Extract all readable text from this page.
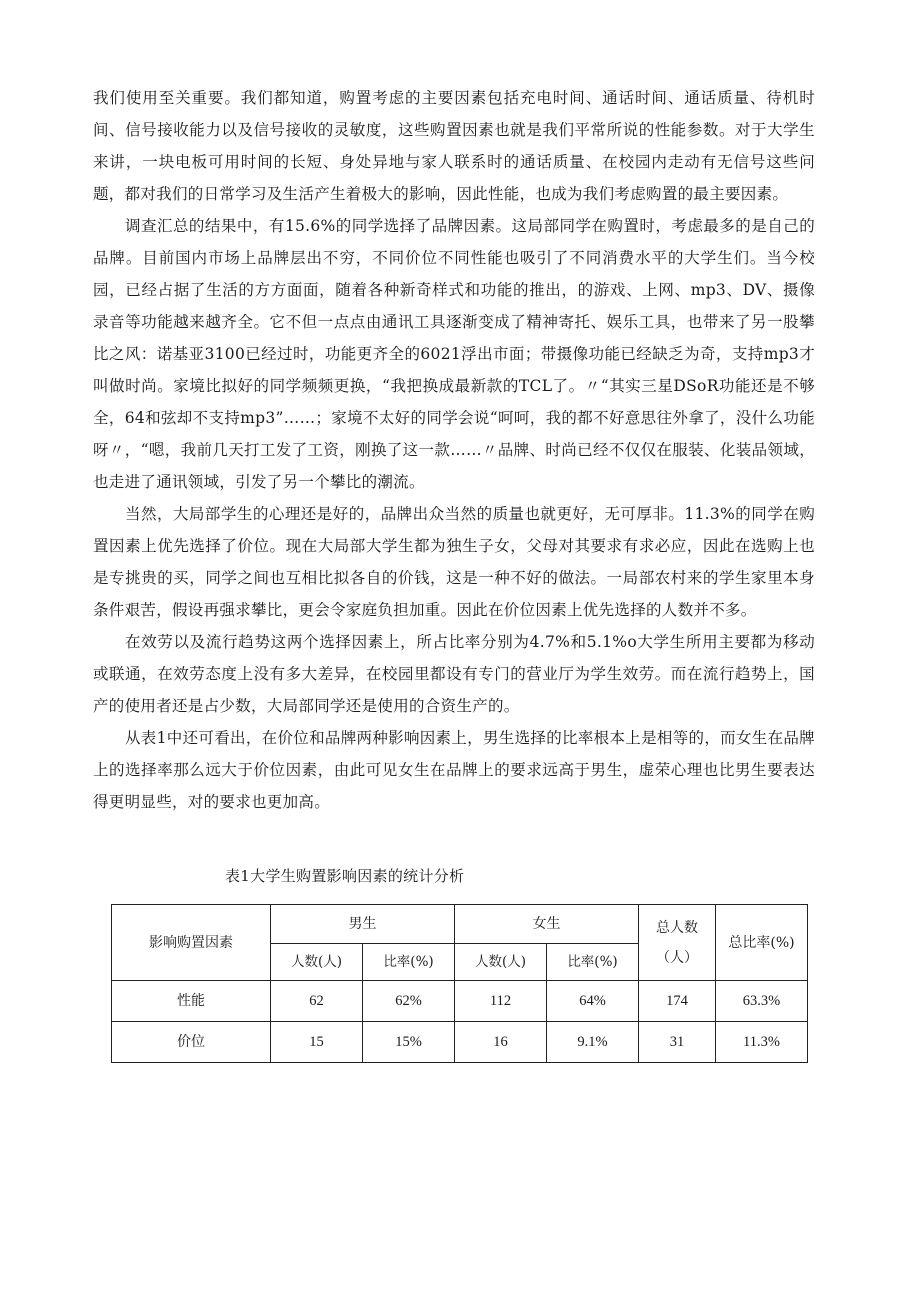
我们使用至关重要。我们都知道，购置考虑的主要因素包括充电时间、通话时间、通话质量、待机时间、信号接收能力以及信号接收的灵敏度，这些购置因素也就是我们平常所说的性能参数。对于大学生来讲，一块电板可用时间的长短、身处异地与家人联系时的通话质量、在校园内走动有无信号这些问题，都对我们的日常学习及生活产生着极大的影响，因此性能，也成为我们考虑购置的最主要因素。

调查汇总的结果中，有15.6%的同学选择了品牌因素。这局部同学在购置时，考虑最多的是自己的品牌。目前国内市场上品牌层出不穷，不同价位不同性能也吸引了不同消费水平的大学生们。当今校园，已经占据了生活的方方面面，随着各种新奇样式和功能的推出，的游戏、上网、mp3、DV、摄像录音等功能越来越齐全。它不但一点点由通讯工具逐渐变成了精神寄托、娱乐工具，也带来了另一股攀比之风：诺基亚3100已经过时，功能更齐全的6021浮出市面；带摄像功能已经缺乏为奇，支持mp3才叫做时尚。家境比拟好的同学频频更换，“我把换成最新款的TCL了。〃“其实三星DSoR功能还是不够全，64和弦却不支持mp3”……；家境不太好的同学会说“呵呵，我的都不好意思往外拿了，没什么功能呀〃，“嗯，我前几天打工发了工资，刚换了这一款……〃品牌、时尚已经不仅仅在服装、化装品领域，也走进了通讯领域，引发了另一个攀比的潮流。

当然，大局部学生的心理还是好的，品牌出众当然的质量也就更好，无可厚非。11.3%的同学在购置因素上优先选择了价位。现在大局部大学生都为独生子女，父母对其要求有求必应，因此在选购上也是专挑贵的买，同学之间也互相比拟各自的价钱，这是一种不好的做法。一局部农村来的学生家里本身条件艰苦，假设再强求攀比，更会令家庭负担加重。因此在价位因素上优先选择的人数并不多。

在效劳以及流行趋势这两个选择因素上，所占比率分别为4.7%和5.1%o大学生所用主要都为移动或联通，在效劳态度上没有多大差异，在校园里都设有专门的营业厅为学生效劳。而在流行趋势上，国产的使用者还是占少数，大局部同学还是使用的合资生产的。

从表1中还可看出，在价位和品牌两种影响因素上，男生选择的比率根本上是相等的，而女生在品牌上的选择率那么远大于价位因素，由此可见女生在品牌上的要求远高于男生，虚荣心理也比男生要表达得更明显些，对的要求也更加高。

表1大学生购置影响因素的统计分析
影响购置因素	男生		女生		总人数（人）	总比率(%)
	人数(人)	比率(%)	人数(人)	比率(%)		
性能	62	62%	112	64%	174	63.3%
价位	15	15%	16	9.1%	31	11.3%
